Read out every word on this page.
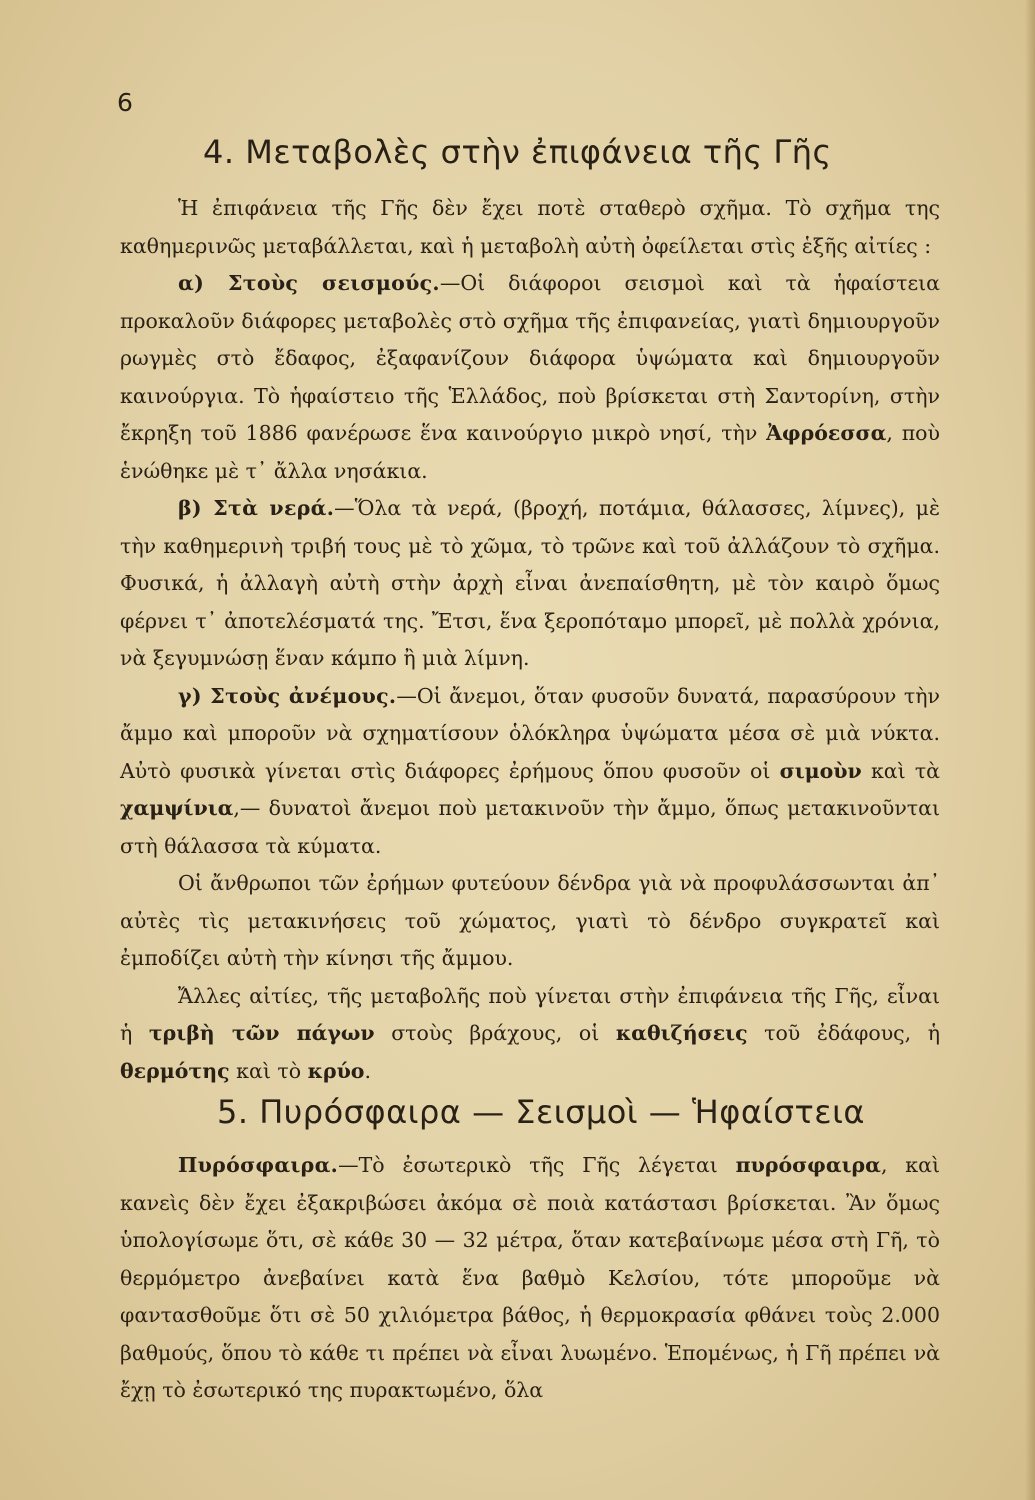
6
4. Μεταβολὲς στὴν ἐπιφάνεια τῆς Γῆς

Ἡ ἐπιφάνεια τῆς Γῆς δὲν ἔχει ποτὲ σταθερὸ σχῆμα. Τὸ σχῆμα της καθημερινῶς μεταβάλλεται, καὶ ἡ μεταβολὴ αὐτὴ ὀφείλεται στὶς ἑξῆς αἰτίες :

α) Στοὺς σεισμούς.—Οἱ διάφοροι σεισμοὶ καὶ τὰ ἡφαίστεια προκαλοῦν διάφορες μεταβολὲς στὸ σχῆμα τῆς ἐπιφανείας, γιατὶ δημιουργοῦν ρωγμὲς στὸ ἔδαφος, ἐξαφανίζουν διάφορα ὑψώματα καὶ δημιουργοῦν καινούργια. Τὸ ἡφαίστειο τῆς Ἑλλάδος, ποὺ βρίσκεται στὴ Σαντορίνη, στὴν ἔκρηξη τοῦ 1886 φανέρωσε ἕνα καινούργιο μικρὸ νησί, τὴν Ἀφρόεσσα, ποὺ ἑνώθηκε μὲ τ᾿ ἄλλα νησάκια.

β) Στὰ νερά.—Ὅλα τὰ νερά, (βροχή, ποτάμια, θάλασσες, λίμνες), μὲ τὴν καθημερινὴ τριβή τους μὲ τὸ χῶμα, τὸ τρῶνε καὶ τοῦ ἀλλάζουν τὸ σχῆμα. Φυσικά, ἡ ἀλλαγὴ αὐτὴ στὴν ἀρχὴ εἶναι ἀνεπαίσθητη, μὲ τὸν καιρὸ ὅμως φέρνει τ᾿ ἀποτελέσματά της. Ἔτσι, ἕνα ξεροπόταμο μπορεῖ, μὲ πολλὰ χρόνια, νὰ ξεγυμνώσῃ ἕναν κάμπο ἢ μιὰ λίμνη.

γ) Στοὺς ἀνέμους.—Οἱ ἄνεμοι, ὅταν φυσοῦν δυνατά, παρασύρουν τὴν ἄμμο καὶ μποροῦν νὰ σχηματίσουν ὁλόκληρα ὑψώματα μέσα σὲ μιὰ νύκτα. Αὐτὸ φυσικὰ γίνεται στὶς διάφορες ἐρήμους ὅπου φυσοῦν οἱ σιμοὺν καὶ τὰ χαμψίνια,— δυνατοὶ ἄνεμοι ποὺ μετακινοῦν τὴν ἄμμο, ὅπως μετακινοῦνται στὴ θάλασσα τὰ κύματα.

Οἱ ἄνθρωποι τῶν ἐρήμων φυτεύουν δένδρα γιὰ νὰ προφυλάσσωνται ἀπ᾿ αὐτὲς τὶς μετακινήσεις τοῦ χώματος, γιατὶ τὸ δένδρο συγκρατεῖ καὶ ἐμποδίζει αὐτὴ τὴν κίνησι τῆς ἄμμου.

Ἄλλες αἰτίες, τῆς μεταβολῆς ποὺ γίνεται στὴν ἐπιφάνεια τῆς Γῆς, εἶναι ἡ τριβὴ τῶν πάγων στοὺς βράχους, οἱ καθιζήσεις τοῦ ἐδάφους, ἡ θερμότης καὶ τὸ κρύο.

5. Πυρόσφαιρα — Σεισμοὶ — Ἡφαίστεια

Πυρόσφαιρα.—Τὸ ἐσωτερικὸ τῆς Γῆς λέγεται πυρόσφαιρα, καὶ κανεὶς δὲν ἔχει ἐξακριβώσει ἀκόμα σὲ ποιὰ κατάστασι βρίσκεται. Ἂν ὅμως ὑπολογίσωμε ὅτι, σὲ κάθε 30 — 32 μέτρα, ὅταν κατεβαίνωμε μέσα στὴ Γῆ, τὸ θερμόμετρο ἀνεβαίνει κατὰ ἕνα βαθμὸ Κελσίου, τότε μποροῦμε νὰ φαντασθοῦμε ὅτι σὲ 50 χιλιόμετρα βάθος, ἡ θερμοκρασία φθάνει τοὺς 2.000 βαθμούς, ὅπου τὸ κάθε τι πρέπει νὰ εἶναι λυωμένο. Ἑπομένως, ἡ Γῆ πρέπει νὰ ἔχῃ τὸ ἐσωτερικό της πυρακτωμένο, ὅλα
